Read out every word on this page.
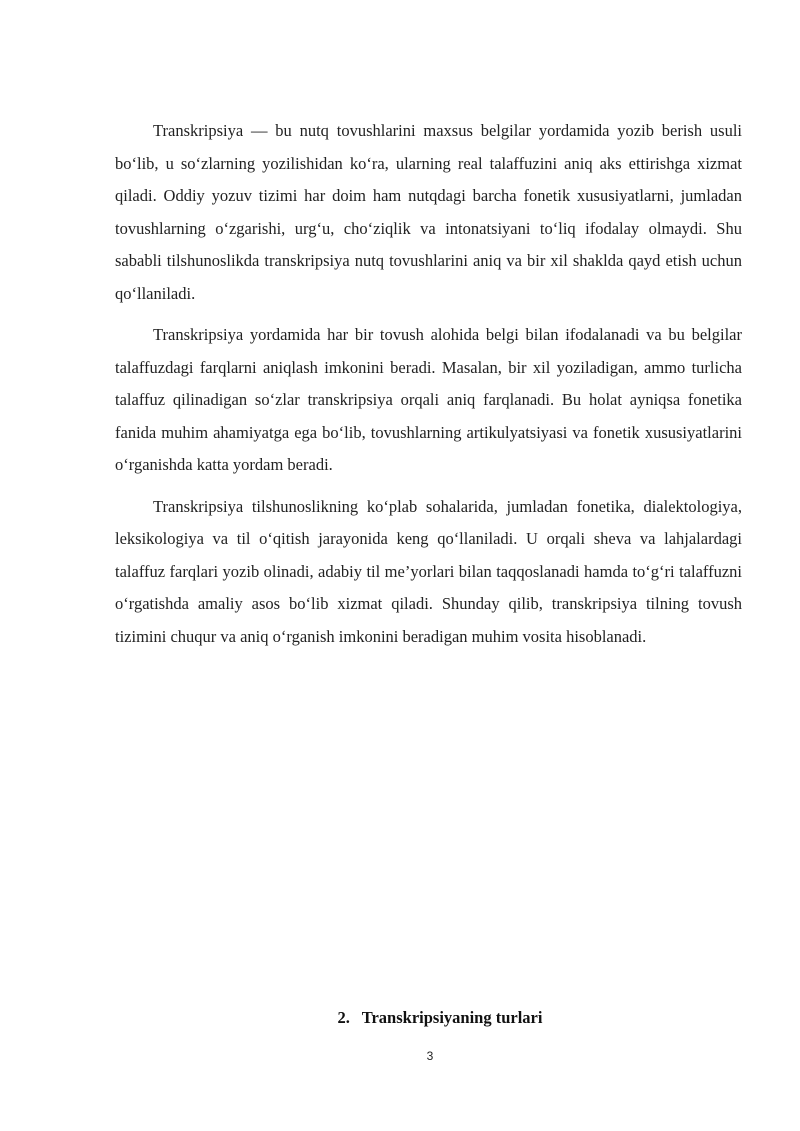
Transkripsiya — bu nutq tovushlarini maxsus belgilar yordamida yozib berish usuli bo‘lib, u so‘zlarning yozilishidan ko‘ra, ularning real talaffuzini aniq aks ettirishga xizmat qiladi. Oddiy yozuv tizimi har doim ham nutqdagi barcha fonetik xususiyatlarni, jumladan tovushlarning o‘zgarishi, urg‘u, cho‘ziqlik va intonatsiyani to‘liq ifodalay olmaydi. Shu sababli tilshunoslikda transkripsiya nutq tovushlarini aniq va bir xil shaklda qayd etish uchun qo‘llaniladi.

Transkripsiya yordamida har bir tovush alohida belgi bilan ifodalanadi va bu belgilar talaffuzdagi farqlarni aniqlash imkonini beradi. Masalan, bir xil yoziladigan, ammo turlicha talaffuz qilinadigan so‘zlar transkripsiya orqali aniq farqlanadi. Bu holat ayniqsa fonetika fanida muhim ahamiyatga ega bo‘lib, tovushlarning artikulyatsiyasi va fonetik xususiyatlarini o‘rganishda katta yordam beradi.

Transkripsiya tilshunoslikning ko‘plab sohalarida, jumladan fonetika, dialektologiya, leksikologiya va til o‘qitish jarayonida keng qo‘llaniladi. U orqali sheva va lahjalardagi talaffuz farqlari yozib olinadi, adabiy til me’yorlari bilan taqqoslanadi hamda to‘g‘ri talaffuzni o‘rgatishda amaliy asos bo‘lib xizmat qiladi. Shunday qilib, transkripsiya tilning tovush tizimini chuqur va aniq o‘rganish imkonini beradigan muhim vosita hisoblanadi.

2. Transkripsiyaning turlari
3
